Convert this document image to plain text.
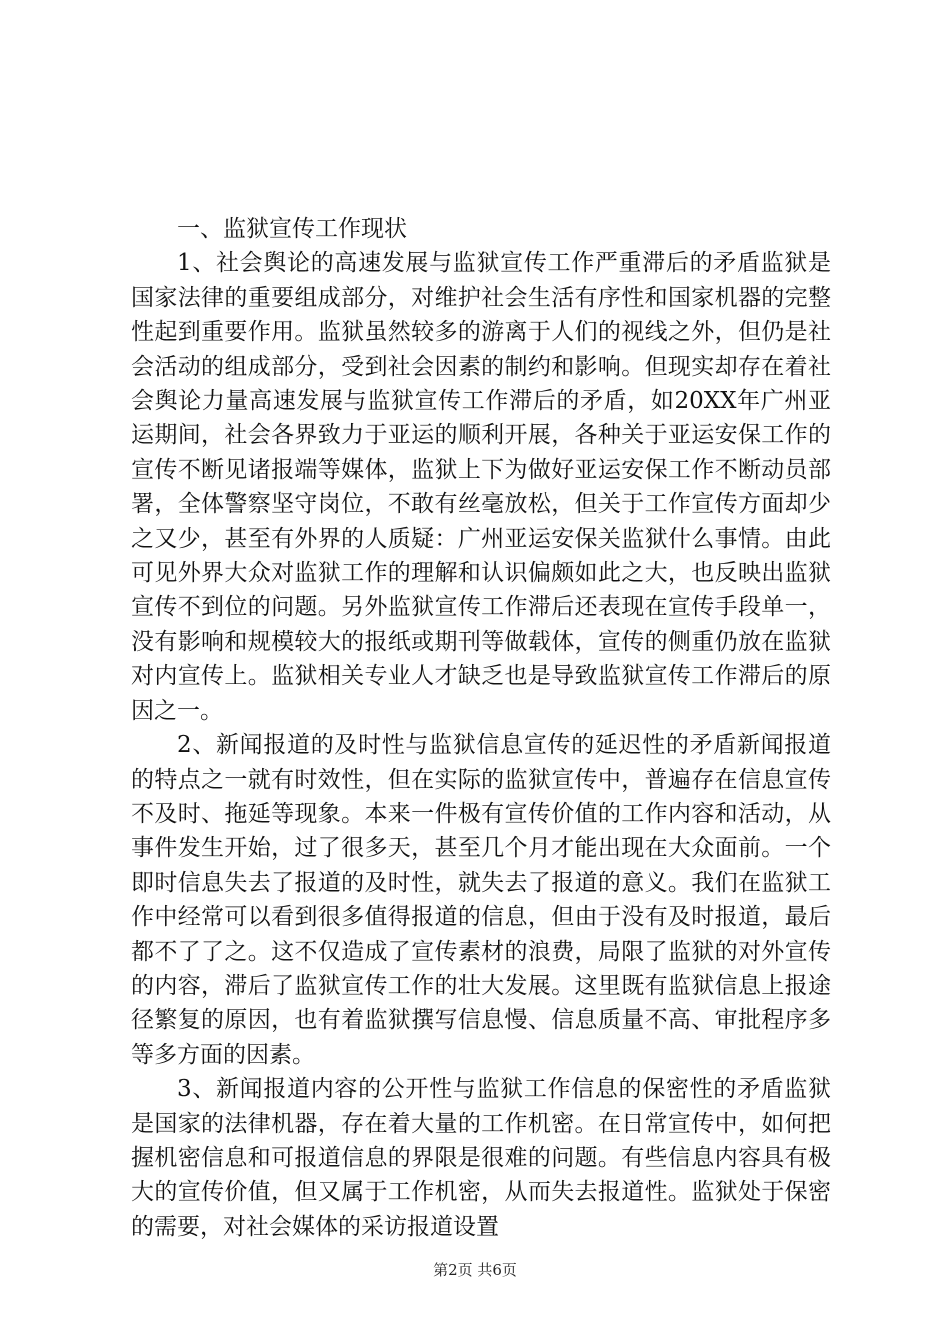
一、监狱宣传工作现状

1、社会舆论的高速发展与监狱宣传工作严重滞后的矛盾监狱是国家法律的重要组成部分，对维护社会生活有序性和国家机器的完整性起到重要作用。监狱虽然较多的游离于人们的视线之外，但仍是社会活动的组成部分，受到社会因素的制约和影响。但现实却存在着社会舆论力量高速发展与监狱宣传工作滞后的矛盾，如20XX年广州亚运期间，社会各界致力于亚运的顺利开展，各种关于亚运安保工作的宣传不断见诸报端等媒体，监狱上下为做好亚运安保工作不断动员部署，全体警察坚守岗位，不敢有丝毫放松，但关于工作宣传方面却少之又少，甚至有外界的人质疑：广州亚运安保关监狱什么事情。由此可见外界大众对监狱工作的理解和认识偏颇如此之大，也反映出监狱宣传不到位的问题。另外监狱宣传工作滞后还表现在宣传手段单一，没有影响和规模较大的报纸或期刊等做载体，宣传的侧重仍放在监狱对内宣传上。监狱相关专业人才缺乏也是导致监狱宣传工作滞后的原因之一。

2、新闻报道的及时性与监狱信息宣传的延迟性的矛盾新闻报道的特点之一就有时效性，但在实际的监狱宣传中，普遍存在信息宣传不及时、拖延等现象。本来一件极有宣传价值的工作内容和活动，从事件发生开始，过了很多天，甚至几个月才能出现在大众面前。一个即时信息失去了报道的及时性，就失去了报道的意义。我们在监狱工作中经常可以看到很多值得报道的信息，但由于没有及时报道，最后都不了了之。这不仅造成了宣传素材的浪费，局限了监狱的对外宣传的内容，滞后了监狱宣传工作的壮大发展。这里既有监狱信息上报途径繁复的原因，也有着监狱撰写信息慢、信息质量不高、审批程序多等多方面的因素。

3、新闻报道内容的公开性与监狱工作信息的保密性的矛盾监狱是国家的法律机器，存在着大量的工作机密。在日常宣传中，如何把握机密信息和可报道信息的界限是很难的问题。有些信息内容具有极大的宣传价值，但又属于工作机密，从而失去报道性。监狱处于保密的需要，对社会媒体的采访报道设置

第2页 共6页
